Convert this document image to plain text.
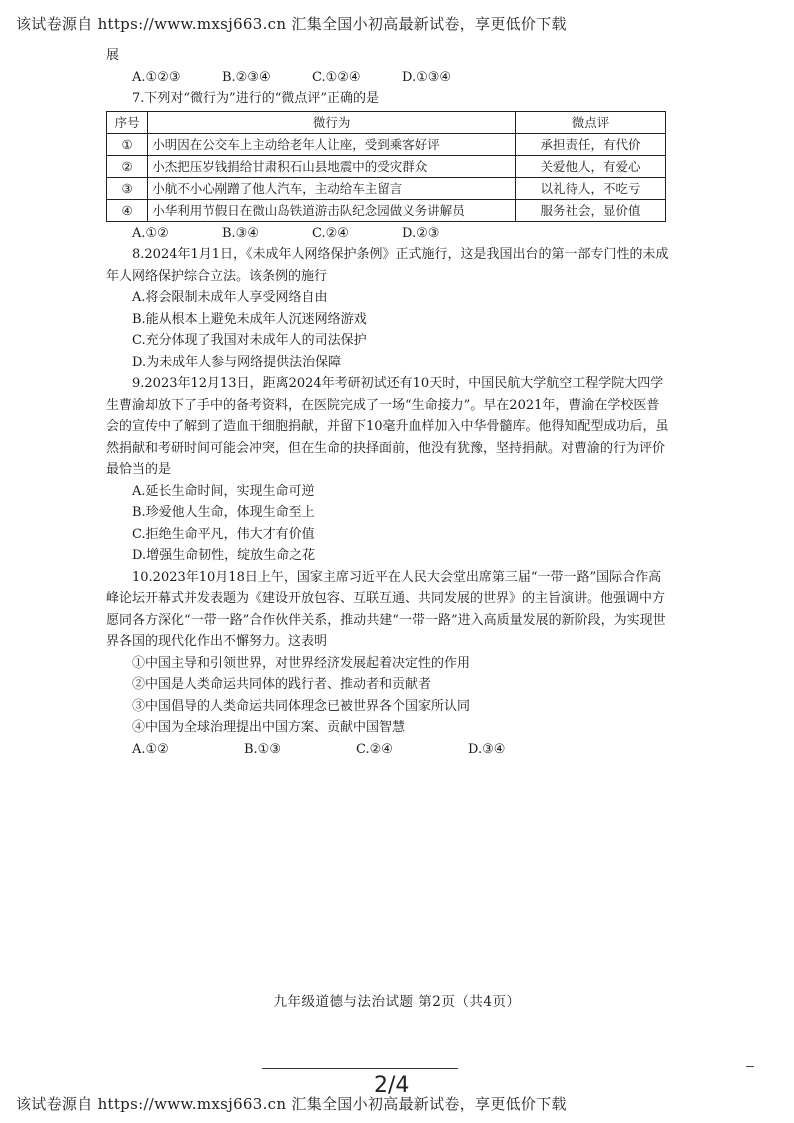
该试卷源自 https://www.mxsj663.cn 汇集全国小初高最新试卷，享更低价下载

展

A.①②③	B.②③④	C.①②④	D.①③④

7.下列对“微行为”进行的“微点评”正确的是

序号	微行为	微点评
①	小明因在公交车上主动给老年人让座，受到乘客好评	承担责任，有代价
②	小杰把压岁钱捐给甘肃积石山县地震中的受灾群众	关爱他人，有爱心
③	小航不小心剐蹭了他人汽车，主动给车主留言	以礼待人，不吃亏
④	小华利用节假日在微山岛铁道游击队纪念园做义务讲解员	服务社会，显价值
A.①②	B.③④	C.②④	D.②③

8.2024年1月1日，《未成年人网络保护条例》正式施行，这是我国出台的第一部专门性的未成年人网络保护综合立法。该条例的施行

A.将会限制未成年人享受网络自由

B.能从根本上避免未成年人沉迷网络游戏

C.充分体现了我国对未成年人的司法保护

D.为未成年人参与网络提供法治保障

9.2023年12月13日，距离2024年考研初试还有10天时，中国民航大学航空工程学院大四学生曹渝却放下了手中的备考资料，在医院完成了一场“生命接力”。早在2021年，曹渝在学校医普会的宣传中了解到了造血干细胞捐献，并留下10毫升血样加入中华骨髓库。他得知配型成功后，虽然捐献和考研时间可能会冲突，但在生命的抉择面前，他没有犹豫，坚持捐献。对曹渝的行为评价最恰当的是

A.延长生命时间，实现生命可逆

B.珍爱他人生命，体现生命至上

C.拒绝生命平凡，伟大才有价值

D.增强生命韧性，绽放生命之花

10.2023年10月18日上午，国家主席习近平在人民大会堂出席第三届“一带一路”国际合作高峰论坛开幕式并发表题为《建设开放包容、互联互通、共同发展的世界》的主旨演讲。他强调中方愿同各方深化“一带一路”合作伙伴关系，推动共建“一带一路”进入高质量发展的新阶段，为实现世界各国的现代化作出不懈努力。这表明

①中国主导和引领世界，对世界经济发展起着决定性的作用

②中国是人类命运共同体的践行者、推动者和贡献者

③中国倡导的人类命运共同体理念已被世界各个国家所认同

④中国为全球治理提出中国方案、贡献中国智慧

A.①②	B.①③	C.②④	D.③④
九年级道德与法治试题 第2页（共4页）
2/4
该试卷源自 https://www.mxsj663.cn 汇集全国小初高最新试卷，享更低价下载
